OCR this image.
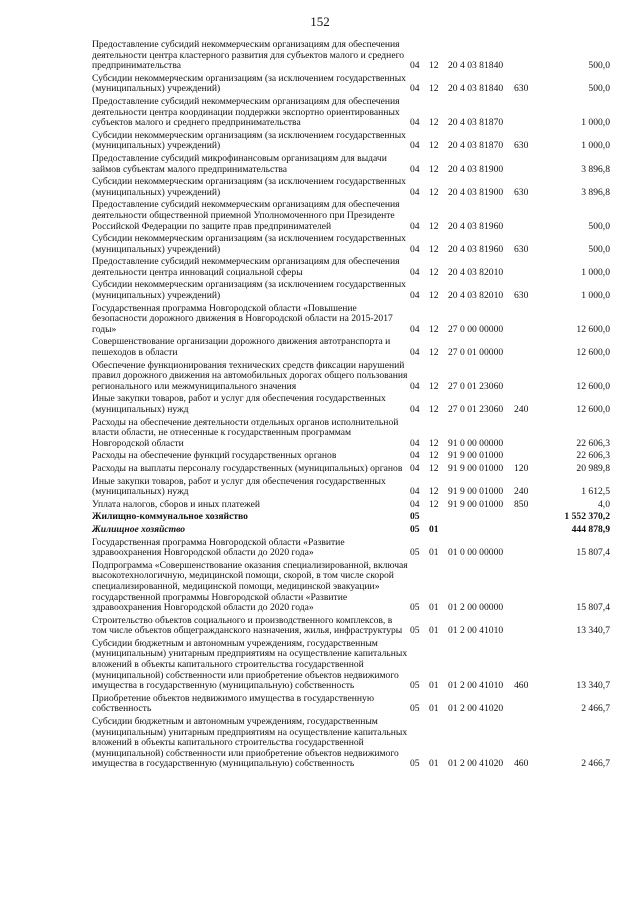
152
Предоставление субсидий некоммерческим организациям для обеспечения деятельности центра кластерного развития для субъектов малого и среднего предпринимательства	04 12 20 4 03 81840	500,0
Субсидии некоммерческим организациям (за исключением государственных (муниципальных) учреждений)	04 12 20 4 03 81840 630	500,0
Предоставление субсидий некоммерческим организациям для обеспечения деятельности центра координации поддержки экспортно ориентированных субъектов малого и среднего предпринимательства	04 12 20 4 03 81870	1 000,0
Субсидии некоммерческим организациям (за исключением государственных (муниципальных) учреждений)	04 12 20 4 03 81870 630	1 000,0
Предоставление субсидий микрофинансовым организациям для выдачи займов субъектам малого предпринимательства	04 12 20 4 03 81900	3 896,8
Субсидии некоммерческим организациям (за исключением государственных (муниципальных) учреждений)	04 12 20 4 03 81900 630	3 896,8
Предоставление субсидий некоммерческим организациям для обеспечения деятельности общественной приемной Уполномоченного при Президенте Российской Федерации по защите прав предпринимателей	04 12 20 4 03 81960	500,0
Субсидии некоммерческим организациям (за исключением государственных (муниципальных) учреждений)	04 12 20 4 03 81960 630	500,0
Предоставление субсидий некоммерческим организациям для обеспечения деятельности центра инноваций социальной сферы	04 12 20 4 03 82010	1 000,0
Субсидии некоммерческим организациям (за исключением государственных (муниципальных) учреждений)	04 12 20 4 03 82010 630	1 000,0
Государственная программа Новгородской области «Повышение безопасности дорожного движения в Новгородской области на 2015-2017 годы»	04 12 27 0 00 00000	12 600,0
Совершенствование организации дорожного движения автотранспорта и пешеходов в области	04 12 27 0 01 00000	12 600,0
Обеспечение функционирования технических средств фиксации нарушений правил дорожного движения на автомобильных дорогах общего пользования регионального или межмуниципального значения	04 12 27 0 01 23060	12 600,0
Иные закупки товаров, работ и услуг для обеспечения государственных (муниципальных) нужд	04 12 27 0 01 23060 240	12 600,0
Расходы на обеспечение деятельности отдельных органов исполнительной власти области, не отнесенные к государственным программам Новгородской области	04 12 91 0 00 00000	22 606,3
Расходы на обеспечение функций государственных органов	04 12 91 9 00 01000	22 606,3
Расходы на выплаты персоналу государственных (муниципальных) органов 04 12 91 9 00 01000 120	20 989,8
Иные закупки товаров, работ и услуг для обеспечения государственных (муниципальных) нужд	04 12 91 9 00 01000 240	1 612,5
Уплата налогов, сборов и иных платежей	04 12 91 9 00 01000 850	4,0
Жилищно-коммунальное хозяйство	05	1 552 370,2
Жилищное хозяйство	05 01	444 878,9
Государственная программа Новгородской области «Развитие здравоохранения Новгородской области до 2020 года»	05 01 01 0 00 00000	15 807,4
Подпрограмма «Совершенствование оказания специализированной, включая высокотехнологичную, медицинской помощи, скорой, в том числе скорой специализированной, медицинской помощи, медицинской эвакуации» государственной программы Новгородской области «Развитие здравоохранения Новгородской области до 2020 года»	05 01 01 2 00 00000	15 807,4
Строительство объектов социального и производственного комплексов, в том числе объектов общегражданского назначения, жилья, инфраструктуры 05 01 01 2 00 41010	13 340,7
Субсидии бюджетным и автономным учреждениям, государственным (муниципальным) унитарным предприятиям на осуществление капитальных вложений в объекты капитального строительства государственной (муниципальной) собственности или приобретение объектов недвижимого имущества в государственную (муниципальную) собственность	05 01 01 2 00 41010 460	13 340,7
Приобретение объектов недвижимого имущества в государственную собственность	05 01 01 2 00 41020	2 466,7
Субсидии бюджетным и автономным учреждениям, государственным (муниципальным) унитарным предприятиям на осуществление капитальных вложений в объекты капитального строительства государственной (муниципальной) собственности или приобретение объектов недвижимого имущества в государственную (муниципальную) собственность	05 01 01 2 00 41020 460	2 466,7
